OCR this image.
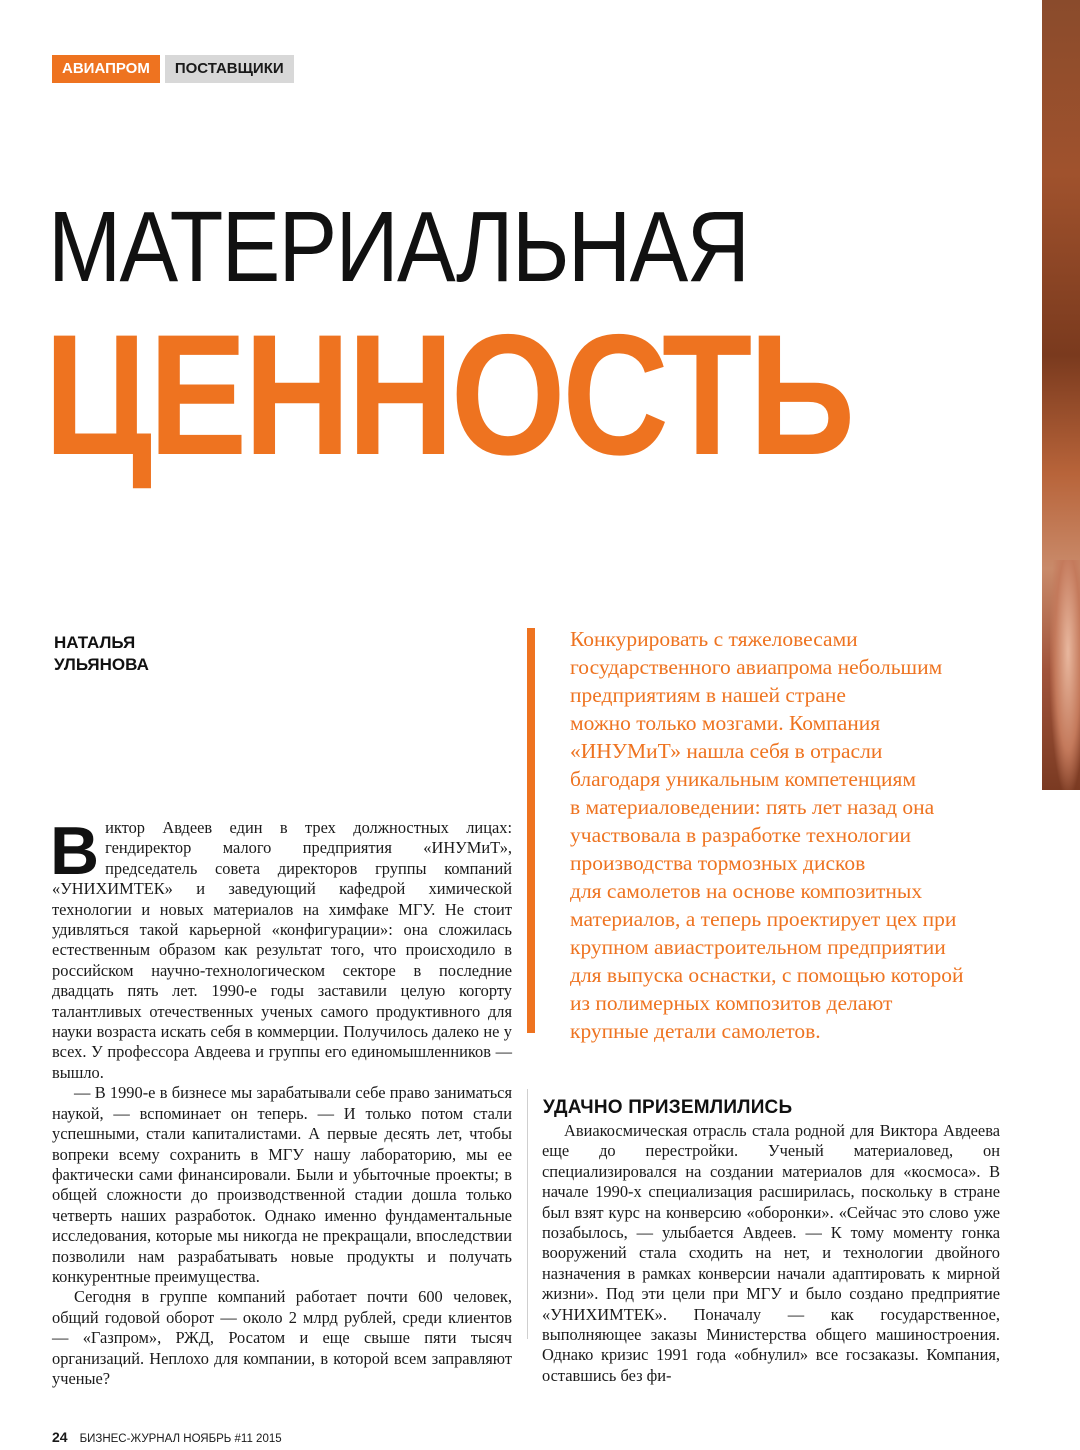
АВИАПРОМ	ПОСТАВЩИКИ
МАТЕРИАЛЬНАЯ
ЦЕННОСТЬ
НАТАЛЬЯ
УЛЬЯНОВА
Конкурировать с тяжеловесами
государственного авиапрома небольшим
предприятиям в нашей стране
можно только мозгами. Компания
«ИНУМиТ» нашла себя в отрасли
благодаря уникальным компетенциям
в материаловедении: пять лет назад она
участвовала в разработке технологии
производства тормозных дисков
для самолетов на основе композитных
материалов, а теперь проектирует цех при
крупном авиастроительном предприятии
для выпуска оснастки, с помощью которой
из полимерных композитов делают
крупные детали самолетов.

Виктор Авдеев един в трех должностных лицах: гендиректор малого предприятия «ИНУМиТ», председатель совета директоров группы компаний «УНИХИМТЕК» и заведующий кафедрой химической технологии и новых материалов на химфаке МГУ. Не стоит удивляться такой карьерной «конфигурации»: она сложилась естественным образом как результат того, что происходило в российском научно-технологическом секторе в последние двадцать пять лет. 1990-е годы заставили целую когорту талантливых отечественных ученых самого продуктивного для науки возраста искать себя в коммерции. Получилось далеко не у всех. У профессора Авдеева и группы его единомышленников — вышло.

— В 1990-е в бизнесе мы зарабатывали себе право заниматься наукой, — вспоминает он теперь. — И только потом стали успешными, стали капиталистами. А первые десять лет, чтобы вопреки всему сохранить в МГУ нашу лабораторию, мы ее фактически сами финансировали. Были и убыточные проекты; в общей сложности до производственной стадии дошла только четверть наших разработок. Однако именно фундаментальные исследования, которые мы никогда не прекращали, впоследствии позволили нам разрабатывать новые продукты и получать конкурентные преимущества.

Сегодня в группе компаний работает почти 600 человек, общий годовой оборот — около 2 млрд рублей, среди клиентов — «Газпром», РЖД, Росатом и еще свыше пяти тысяч организаций. Неплохо для компании, в которой всем заправляют ученые?

УДАЧНО ПРИЗЕМЛИЛИСЬ

Авиакосмическая отрасль стала родной для Виктора Авдеева еще до перестройки. Ученый материаловед, он специализировался на создании материалов для «космоса». В начале 1990-х специализация расширилась, поскольку в стране был взят курс на конверсию «оборонки». «Сейчас это слово уже позабылось, — улыбается Авдеев. — К тому моменту гонка вооружений стала сходить на нет, и технологии двойного назначения в рамках конверсии начали адаптировать к мирной жизни». Под эти цели при МГУ и было создано предприятие «УНИХИМТЕК». Поначалу — как государственное, выполняющее заказы Министерства общего машиностроения. Однако кризис 1991 года «обнулил» все госзаказы. Компания, оставшись без фи-

24 БИЗНЕС-ЖУРНАЛ НОЯБРЬ #11 2015
